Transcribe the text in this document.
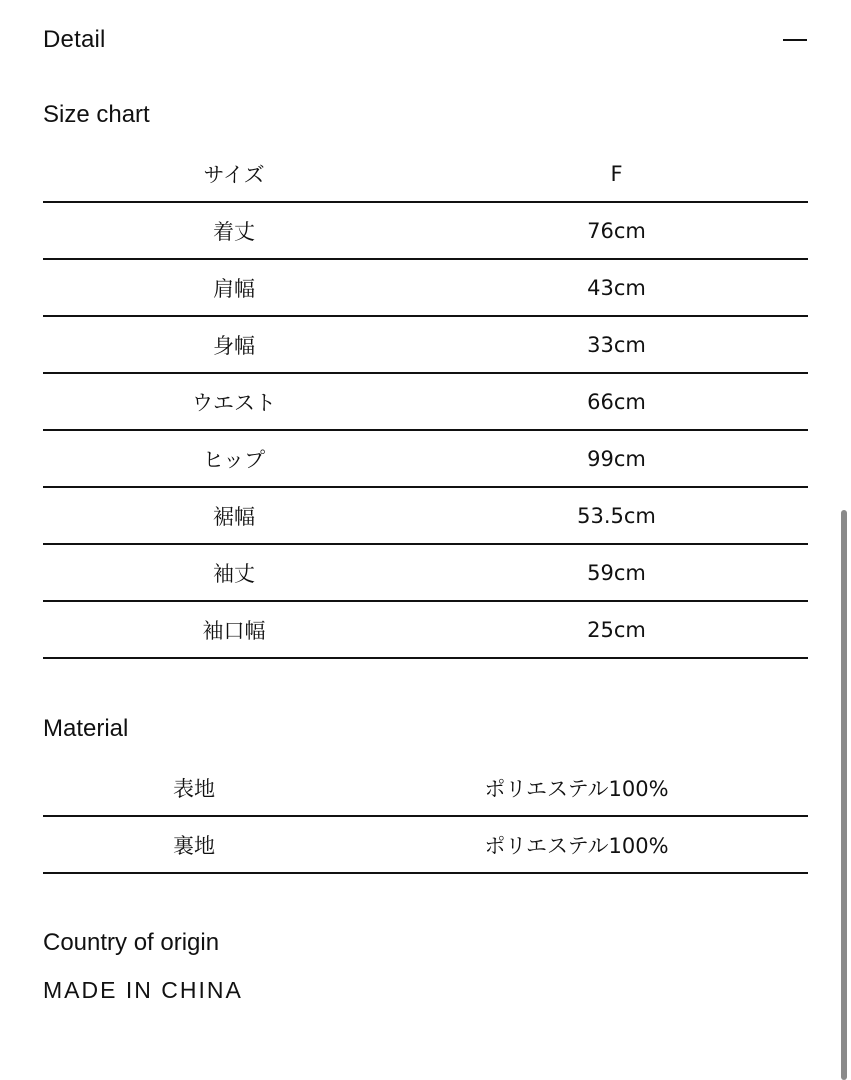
Detail
Size chart
サイズ	F
着丈	76cm
肩幅	43cm
身幅	33cm
ウエスト	66cm
ヒップ	99cm
裾幅	53.5cm
袖丈	59cm
袖口幅	25cm
Material
表地	ポリエステル100%
裏地	ポリエステル100%
Country of origin
MADE IN CHINA
